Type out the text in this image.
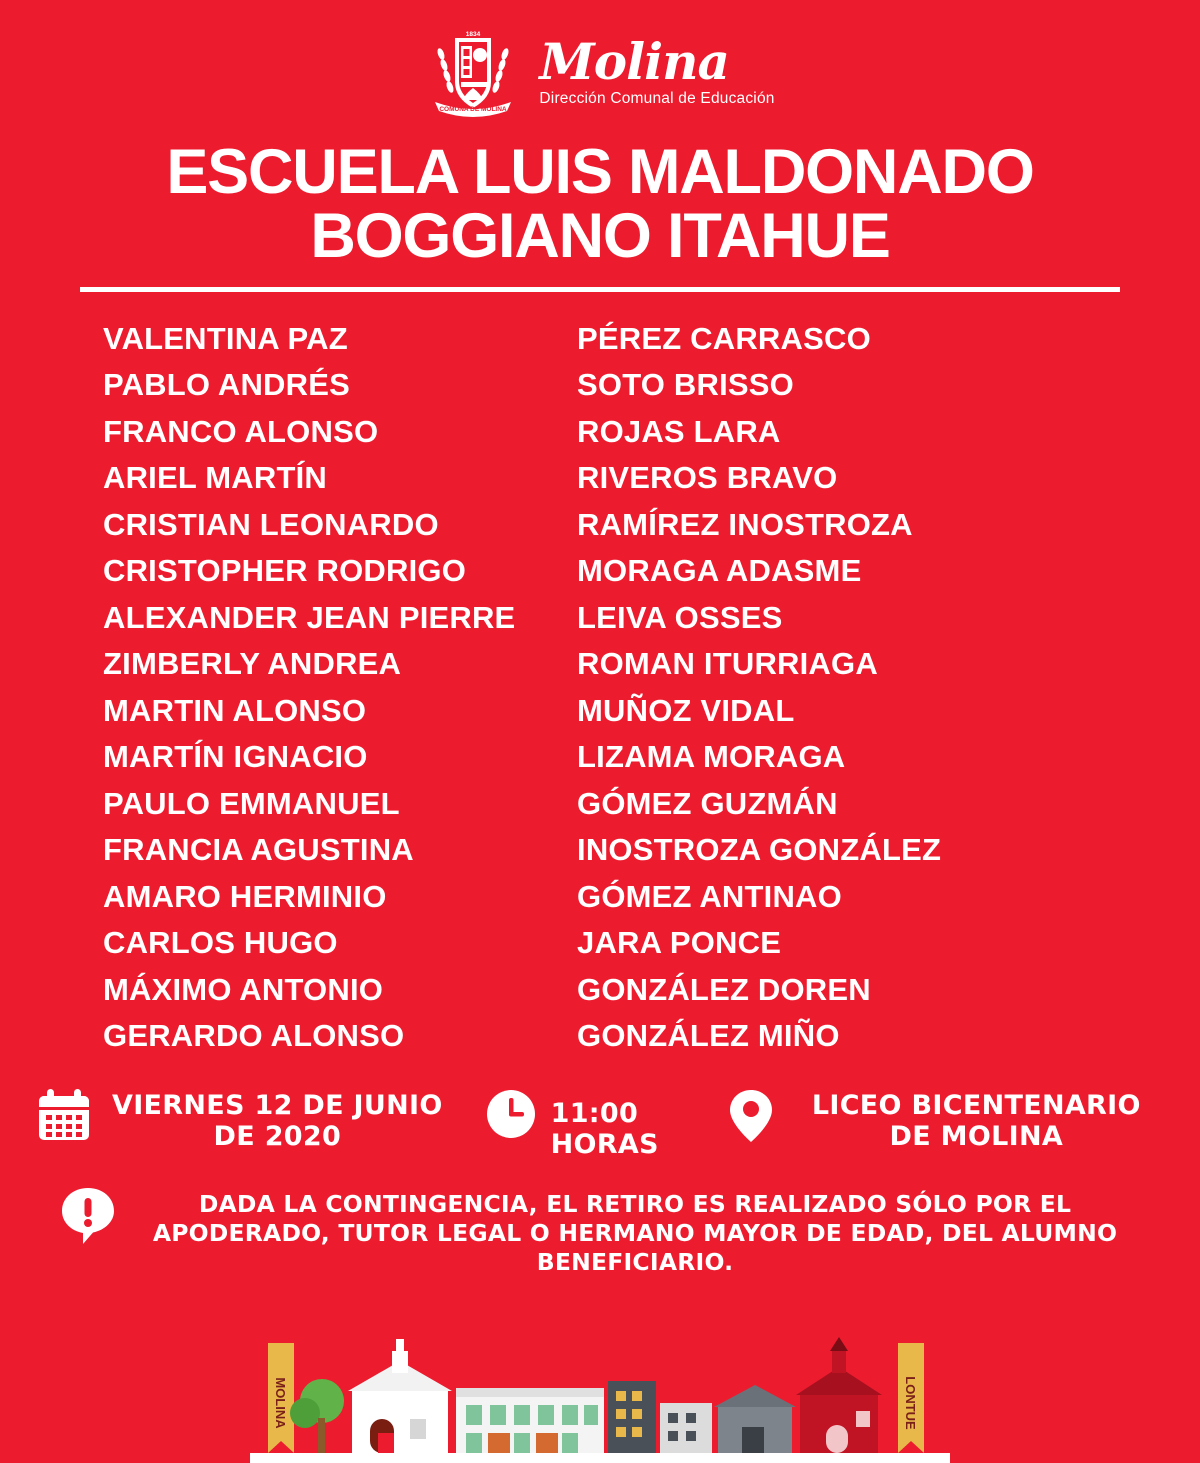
COMUNA DE MOLINA
1834 Molina
Dirección Comunal de Educación
ESCUELA LUIS MALDONADO BOGGIANO ITAHUE
VALENTINA PAZ	PÉREZ CARRASCO
PABLO ANDRÉS	SOTO BRISSO
FRANCO ALONSO	ROJAS LARA
ARIEL MARTÍN	RIVEROS BRAVO
CRISTIAN LEONARDO	RAMÍREZ INOSTROZA
CRISTOPHER RODRIGO	MORAGA ADASME
ALEXANDER JEAN PIERRE	LEIVA OSSES
ZIMBERLY ANDREA	ROMAN ITURRIAGA
MARTIN ALONSO	MUÑOZ VIDAL
MARTÍN IGNACIO	LIZAMA MORAGA
PAULO EMMANUEL	GÓMEZ GUZMÁN
FRANCIA AGUSTINA	INOSTROZA GONZÁLEZ
AMARO HERMINIO	GÓMEZ ANTINAO
CARLOS HUGO	JARA PONCE
MÁXIMO ANTONIO	GONZÁLEZ DOREN
GERARDO ALONSO	GONZÁLEZ MIÑO
VIERNES 12 DE JUNIO DE 2020
11:00 HORAS
LICEO BICENTENARIO DE MOLINA
DADA LA CONTINGENCIA, EL RETIRO ES REALIZADO SÓLO POR EL APODERADO, TUTOR LEGAL O HERMANO MAYOR DE EDAD, DEL ALUMNO BENEFICIARIO.
MOLINA	LONTUE
